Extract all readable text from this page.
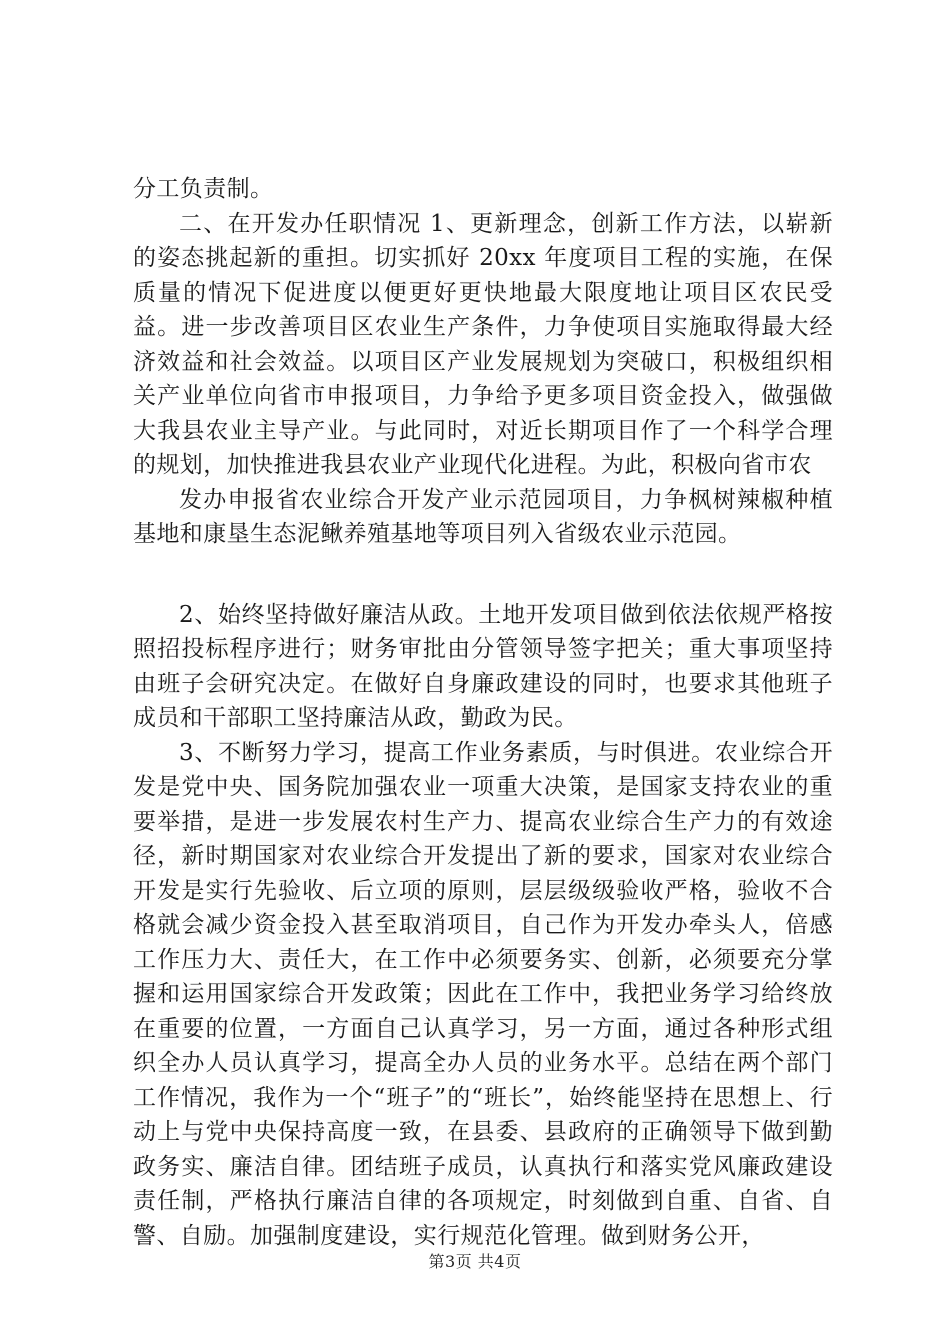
分工负责制。

二、在开发办任职情况 1、更新理念，创新工作方法，以崭新的姿态挑起新的重担。切实抓好 20xx 年度项目工程的实施，在保质量的情况下促进度以便更好更快地最大限度地让项目区农民受益。进一步改善项目区农业生产条件，力争使项目实施取得最大经济效益和社会效益。以项目区产业发展规划为突破口，积极组织相关产业单位向省市申报项目，力争给予更多项目资金投入，做强做大我县农业主导产业。与此同时，对近长期项目作了一个科学合理的规划，加快推进我县农业产业现代化进程。为此，积极向省市农

发办申报省农业综合开发产业示范园项目，力争枫树辣椒种植基地和康垦生态泥鳅养殖基地等项目列入省级农业示范园。

2、始终坚持做好廉洁从政。土地开发项目做到依法依规严格按照招投标程序进行；财务审批由分管领导签字把关；重大事项坚持由班子会研究决定。在做好自身廉政建设的同时，也要求其他班子成员和干部职工坚持廉洁从政，勤政为民。

3、不断努力学习，提高工作业务素质，与时俱进。农业综合开发是党中央、国务院加强农业一项重大决策，是国家支持农业的重要举措，是进一步发展农村生产力、提高农业综合生产力的有效途径，新时期国家对农业综合开发提出了新的要求，国家对农业综合开发是实行先验收、后立项的原则，层层级级验收严格，验收不合格就会减少资金投入甚至取消项目，自己作为开发办牵头人，倍感工作压力大、责任大，在工作中必须要务实、创新，必须要充分掌握和运用国家综合开发政策；因此在工作中，我把业务学习给终放在重要的位置，一方面自己认真学习，另一方面，通过各种形式组织全办人员认真学习，提高全办人员的业务水平。总结在两个部门工作情况，我作为一个“班子”的“班长”，始终能坚持在思想上、行动上与党中央保持高度一致，在县委、县政府的正确领导下做到勤政务实、廉洁自律。团结班子成员，认真执行和落实党风廉政建设责任制，严格执行廉洁自律的各项规定，时刻做到自重、自省、自警、自励。加强制度建设，实行规范化管理。做到财务公开，

第3页 共4页
